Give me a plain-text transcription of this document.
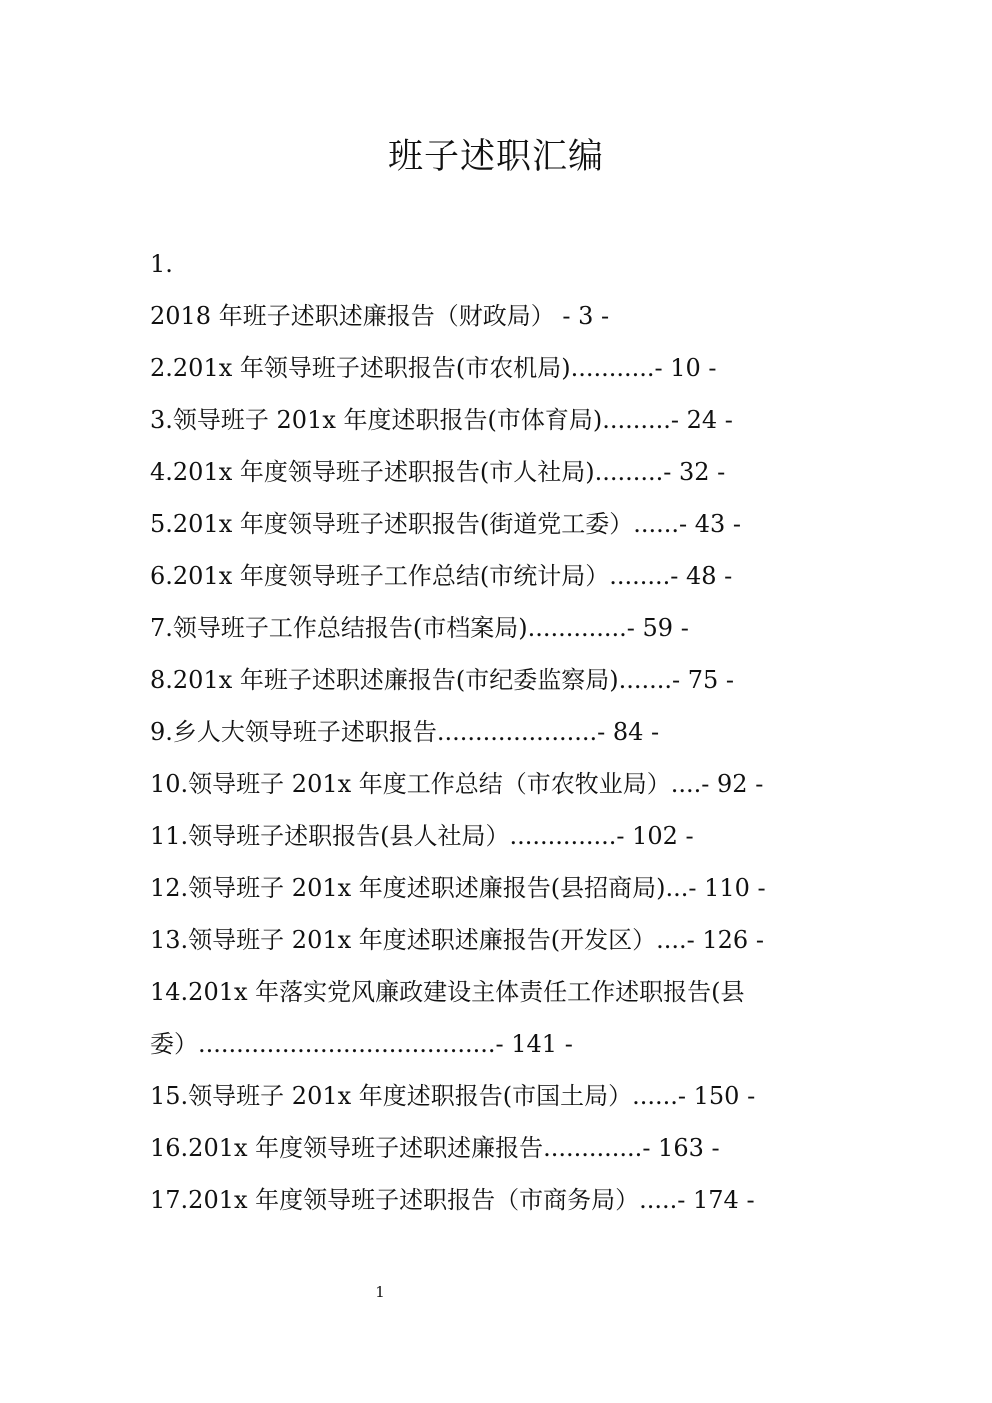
班子述职汇编
1.
2018 年班子述职述廉报告（财政局） - 3 -
2.201x 年领导班子述职报告(市农机局)...........- 10 -
3.领导班子 201x 年度述职报告(市体育局).........- 24 -
4.201x 年度领导班子述职报告(市人社局).........- 32 -
5.201x 年度领导班子述职报告(街道党工委）......- 43 -
6.201x 年度领导班子工作总结(市统计局）........- 48 -
7.领导班子工作总结报告(市档案局).............- 59 -
8.201x 年班子述职述廉报告(市纪委监察局).......- 75 -
9.乡人大领导班子述职报告.....................- 84 -
10.领导班子 201x 年度工作总结（市农牧业局）....- 92 -
11.领导班子述职报告(县人社局）..............- 102 -
12.领导班子 201x 年度述职述廉报告(县招商局)...- 110 -
13.领导班子 201x 年度述职述廉报告(开发区）....- 126 -
14.201x 年落实党风廉政建设主体责任工作述职报告(县
委）.......................................- 141 -
15.领导班子 201x 年度述职报告(市国土局）......- 150 -
16.201x 年度领导班子述职述廉报告.............- 163 -
17.201x 年度领导班子述职报告（市商务局）.....- 174 -
1
